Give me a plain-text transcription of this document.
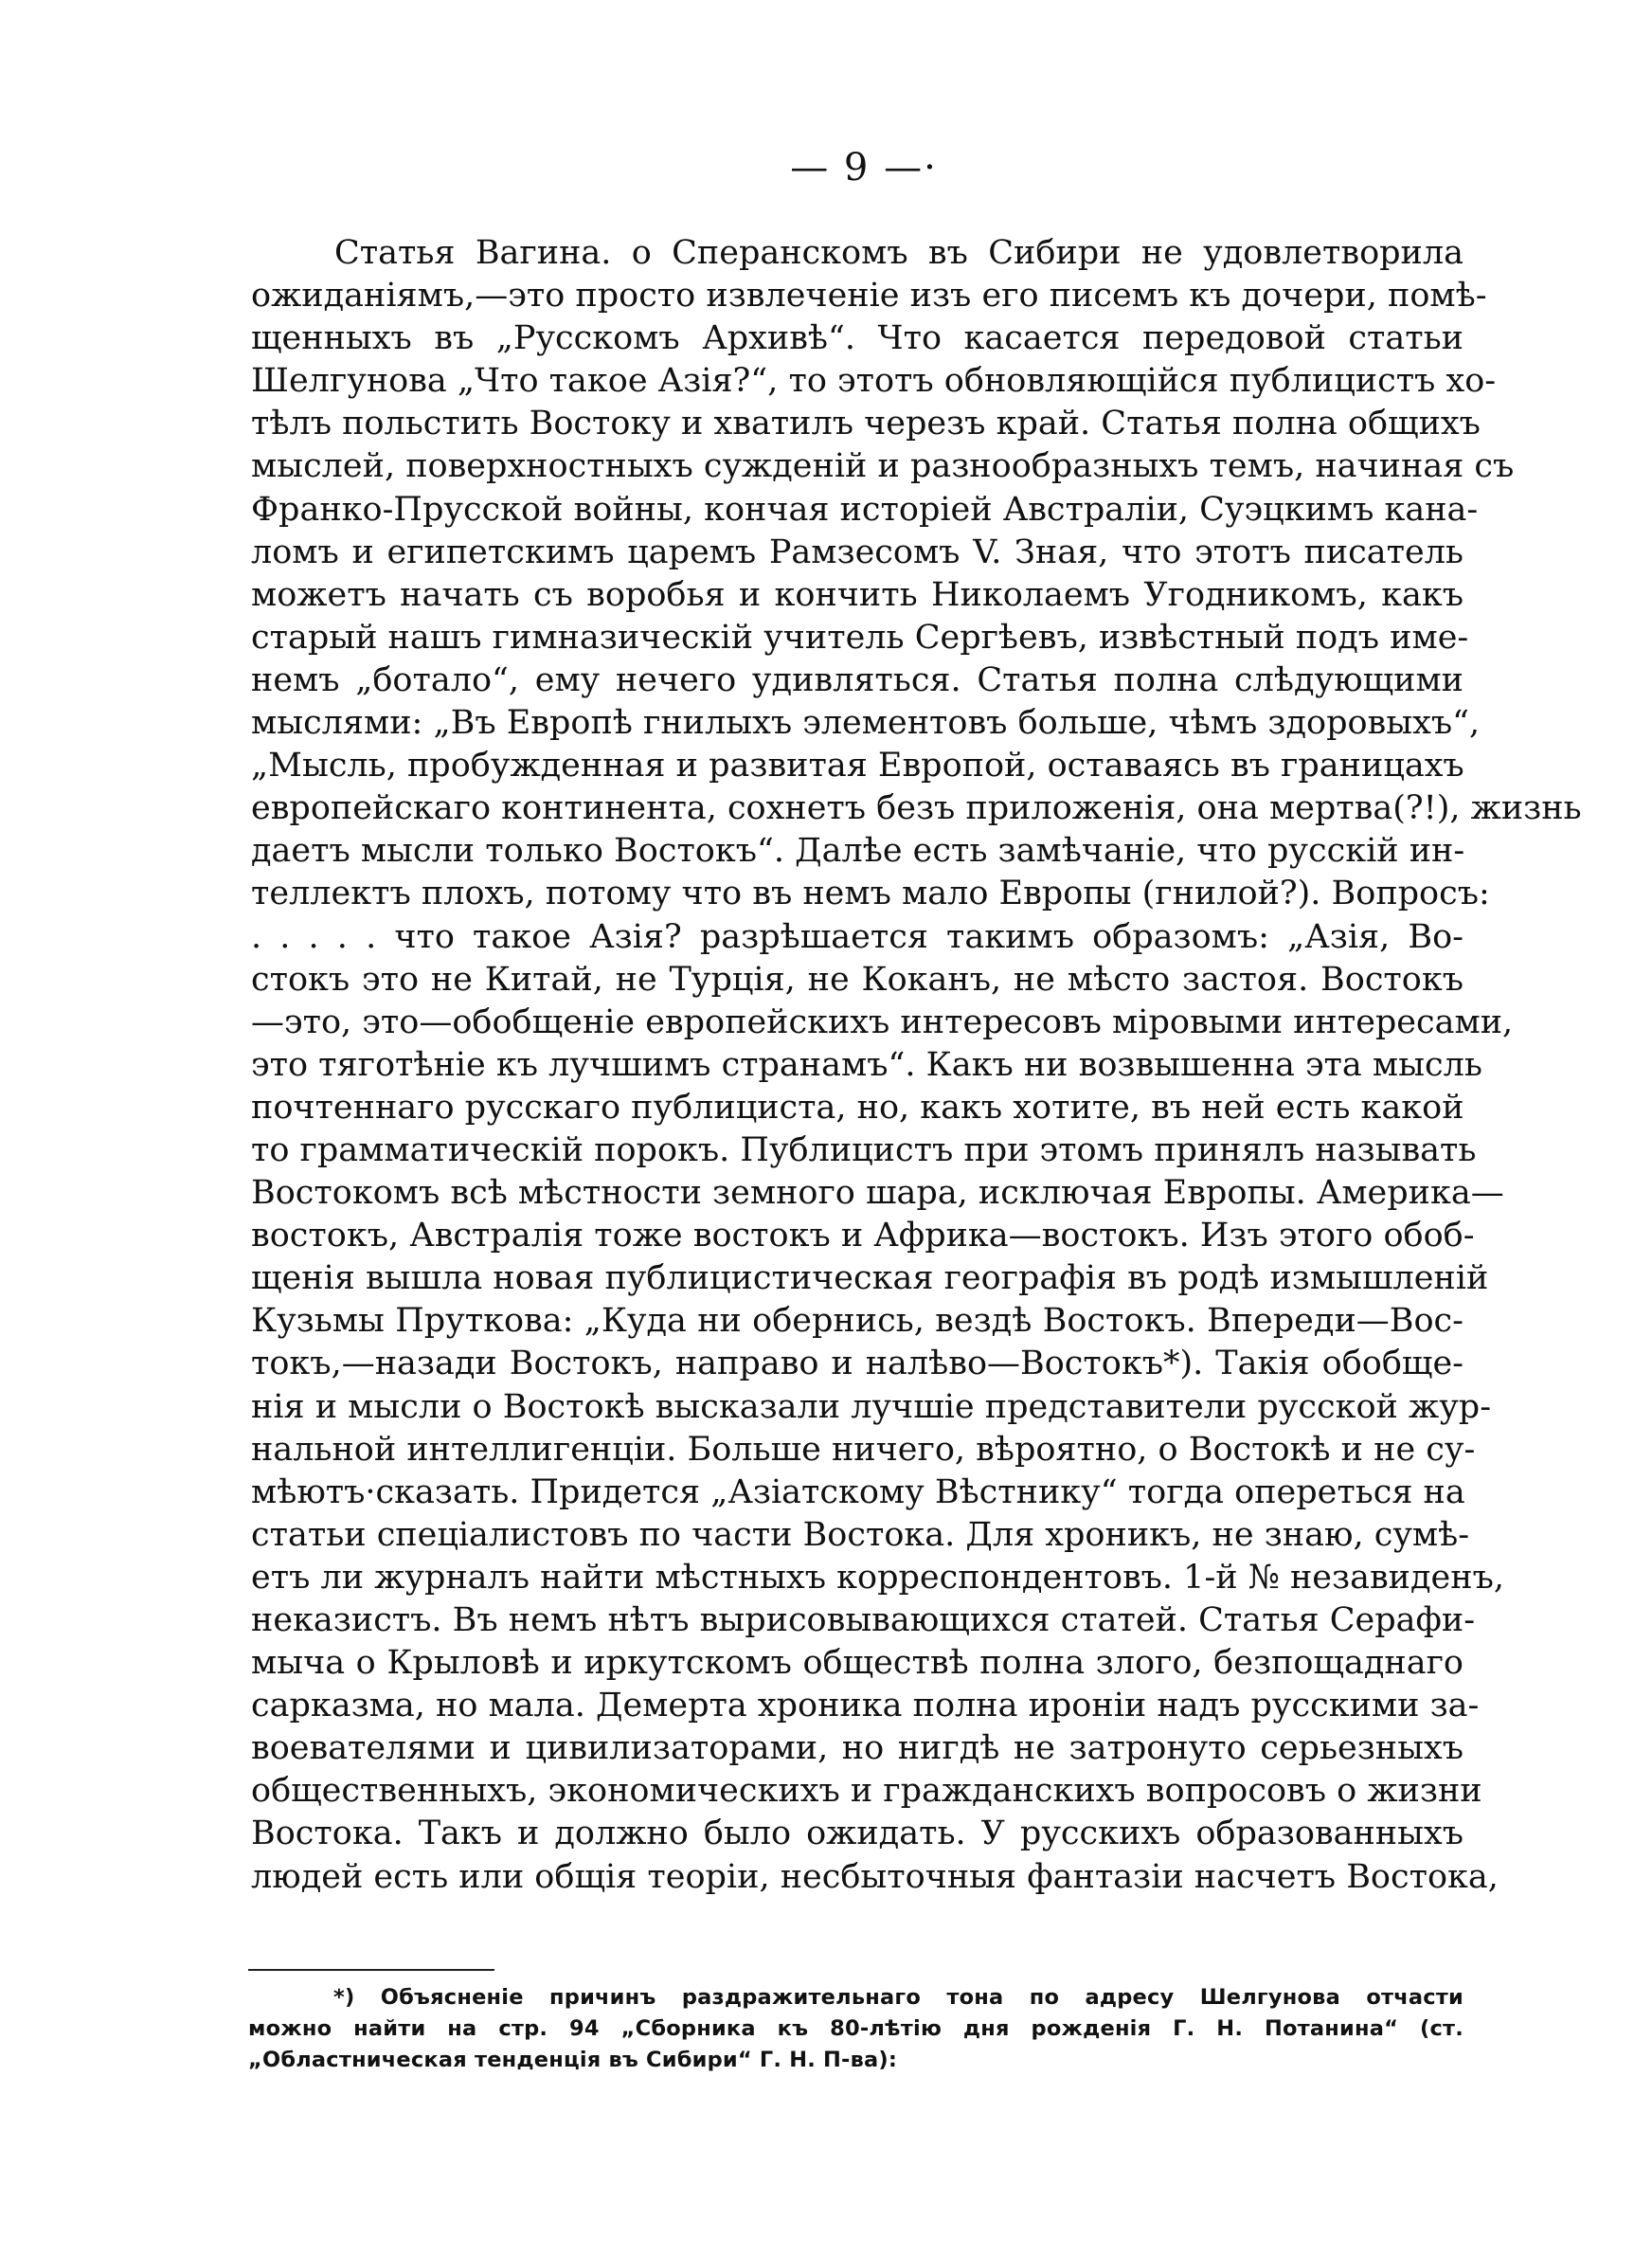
— 9 —·
Статья Вагина. о Сперанскомъ въ Сибири не удовлетворила
ожиданіямъ,—это просто извлеченіе изъ его писемъ къ дочери, помѣ-
щенныхъ въ „Русскомъ Архивѣ“. Что касается передовой статьи
Шелгунова „Что такое Азія?“, то этотъ обновляющійся публицистъ хо-
тѣлъ польстить Востоку и хватилъ черезъ край. Статья полна общихъ
мыслей, поверхностныхъ сужденій и разнообразныхъ темъ, начиная съ
Франко-Прусской войны, кончая исторіей Австраліи, Суэцкимъ кана-
ломъ и египетскимъ царемъ Рамзесомъ V. Зная, что этотъ писатель
можетъ начать съ воробья и кончить Николаемъ Угодникомъ, какъ
старый нашъ гимназическій учитель Сергѣевъ, извѣстный подъ име-
немъ „ботало“, ему нечего удивляться. Статья полна слѣдующими
мыслями: „Въ Европѣ гнилыхъ элементовъ больше, чѣмъ здоровыхъ“,
„Мысль, пробужденная и развитая Европой, оставаясь въ границахъ
европейскаго континента, сохнетъ безъ приложенія, она мертва(?!), жизнь
даетъ мысли только Востокъ“. Далѣе есть замѣчаніе, что русскій ин-
теллектъ плохъ, потому что въ немъ мало Европы (гнилой?). Вопросъ:
. . . . . что такое Азія? разрѣшается такимъ образомъ: „Азія, Во-
стокъ это не Китай, не Турція, не Коканъ, не мѣсто застоя. Востокъ
—это, это—обобщеніе европейскихъ интересовъ міровыми интересами,
это тяготѣніе къ лучшимъ странамъ“. Какъ ни возвышенна эта мысль
почтеннаго русскаго публициста, но, какъ хотите, въ ней есть какой
то грамматическій порокъ. Публицистъ при этомъ принялъ называть
Востокомъ всѣ мѣстности земного шара, исключая Европы. Америка—
востокъ, Австралія тоже востокъ и Африка—востокъ. Изъ этого обоб-
щенія вышла новая публицистическая географія въ родѣ измышленій
Кузьмы Пруткова: „Куда ни обернись, вездѣ Востокъ. Впереди—Вос-
токъ,—назади Востокъ, направо и налѣво—Востокъ*). Такія обобще-
нія и мысли о Востокѣ высказали лучшіе представители русской жур-
нальной интеллигенціи. Больше ничего, вѣроятно, о Востокѣ и не су-
мѣютъ·сказать. Придется „Азіатскому Вѣстнику“ тогда опереться на
статьи спеціалистовъ по части Востока. Для хроникъ, не знаю, сумѣ-
етъ ли журналъ найти мѣстныхъ корреспондентовъ. 1-й № незавиденъ,
неказистъ. Въ немъ нѣтъ вырисовывающихся статей. Статья Серафи-
мыча о Крыловѣ и иркутскомъ обществѣ полна злого, безпощаднаго
сарказма, но мала. Демерта хроника полна ироніи надъ русскими за-
воевателями и цивилизаторами, но нигдѣ не затронуто серьезныхъ
общественныхъ, экономическихъ и гражданскихъ вопросовъ о жизни
Востока. Такъ и должно было ожидать. У русскихъ образованныхъ
людей есть или общія теоріи, несбыточныя фантазіи насчетъ Востока,
*) Объясненіе причинъ раздражительнаго тона по адресу Шелгунова отчасти
можно найти на стр. 94 „Сборника къ 80-лѣтію дня рожденія Г. Н. Потанина“ (ст.
„Областническая тенденція въ Сибири“ Г. Н. П-ва):
